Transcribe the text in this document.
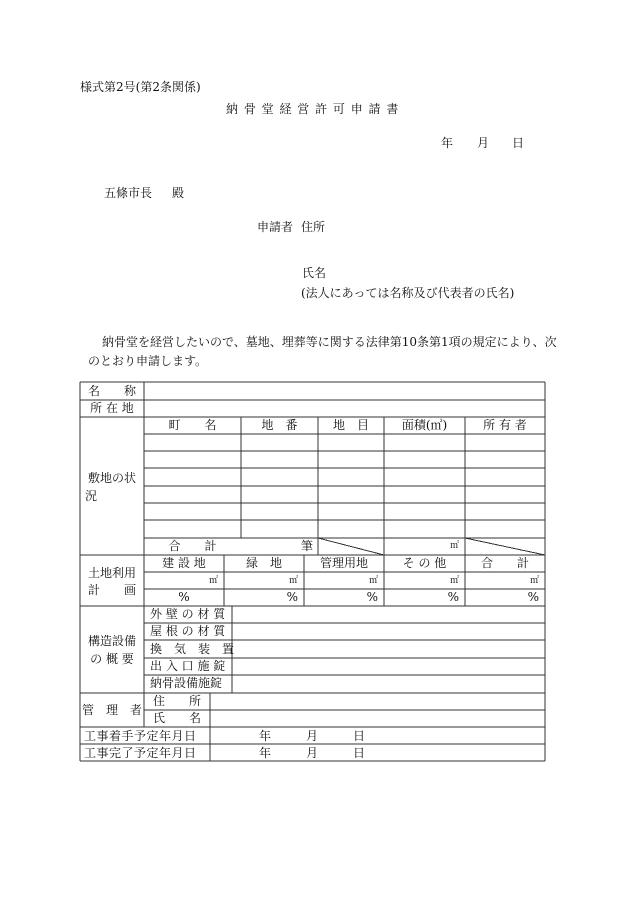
様式第2号(第2条関係)
納 骨 堂 経 営 許 可 申 請 書
年 月 日
五條市長 殿
申請者 住所
氏名
(法人にあっては名称及び代表者の氏名)
納骨堂を経営したいので、墓地、埋葬等に関する法律第10条第1項の規定により、次
のとおり申請します。
名　　称
所 在 地
敷地の状
況
町　　名	地　番	地　目	面積(㎡)	所 有 者
合　　計	筆	㎡
土地利用
計　　画
建 設 地	緑　地	管理用地	そ の 他	合　　計
㎡	㎡	㎡	㎡	㎡
%	%	%	%	%
構造設備
の 概 要
外 壁 の 材 質
屋 根 の 材 質
換　気　装　置
出 入 口 施 錠
納骨設備施錠
管　理　者
住　　所
氏　　名
工事着手予定年月日	年	月	日
工事完了予定年月日	年	月	日
